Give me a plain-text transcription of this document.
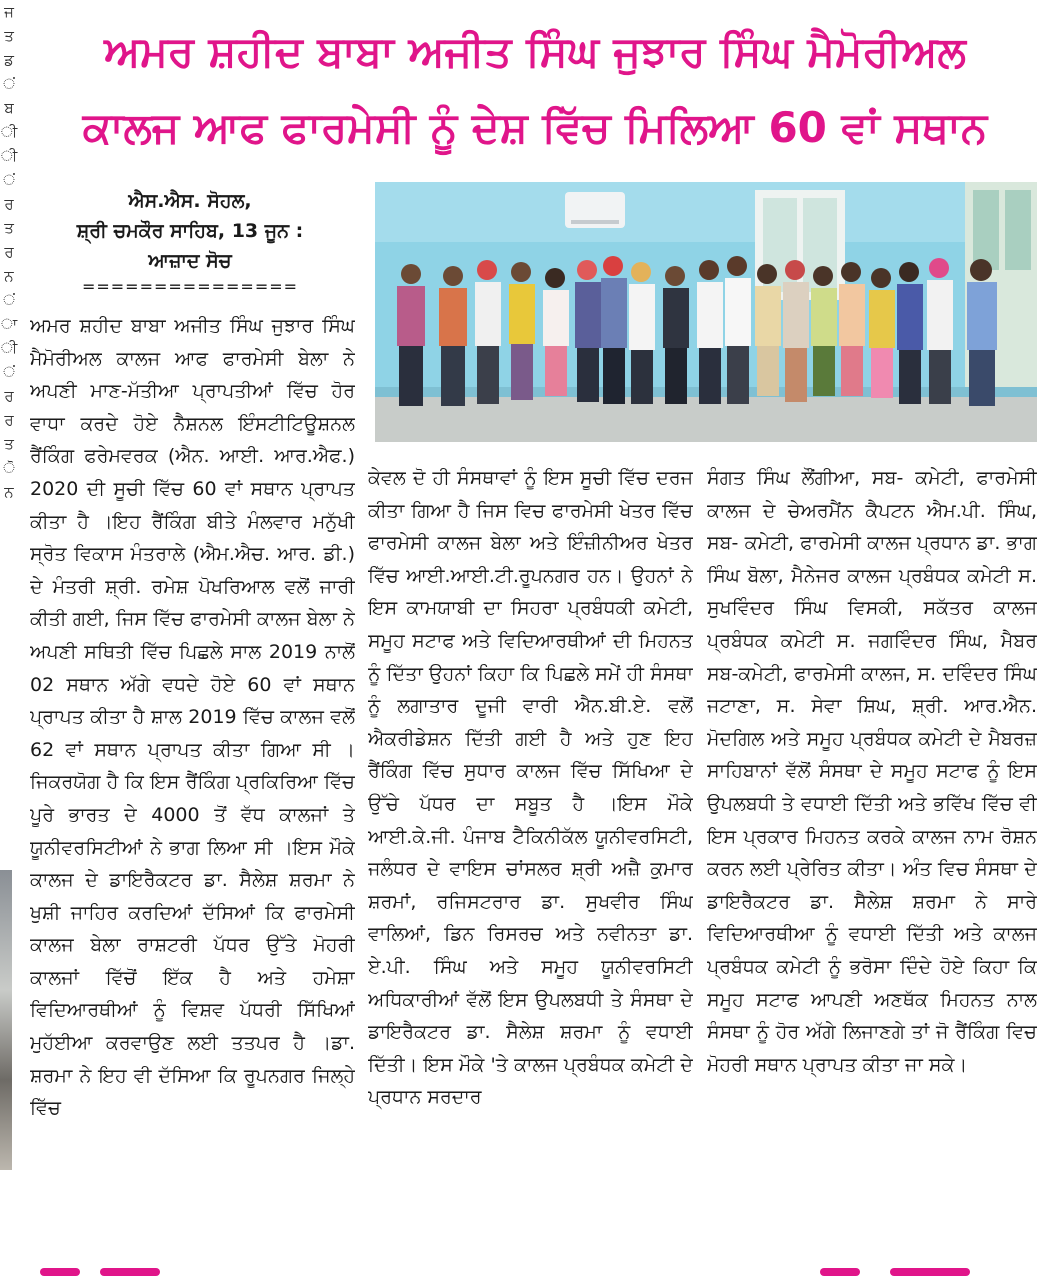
ਜ
ਤ
ਡ
ਂ
ਬ
ੀ
ੀ
ਂ
ਰ
ਤ
ਰ
ਨ
ਂ
ਾ
ੀ
ਂ
ਰ
ਰ
ਤ
ੋ
ਨ
ਅਮਰ ਸ਼ਹੀਦ ਬਾਬਾ ਅਜੀਤ ਸਿੰਘ ਜੁਝਾਰ ਸਿੰਘ ਮੈਮੋਰੀਅਲ
ਕਾਲਜ ਆਫ ਫਾਰਮੇਸੀ ਨੂੰ ਦੇਸ਼ ਵਿੱਚ ਮਿਲਿਆ 60 ਵਾਂ ਸਥਾਨ
ਐਸ.ਐਸ. ਸੋਹਲ,
ਸ਼੍ਰੀ ਚਮਕੌਰ ਸਾਹਿਬ, 13 ਜੂਨ :
ਆਜ਼ਾਦ ਸੋਚ
===============
ਅਮਰ ਸ਼ਹੀਦ ਬਾਬਾ ਅਜੀਤ ਸਿੰਘ ਜੁਝਾਰ ਸਿੰਘ ਮੈਮੋਰੀਅਲ ਕਾਲਜ ਆਫ ਫਾਰਮੇਸੀ ਬੇਲਾ ਨੇ ਅਪਣੀ ਮਾਣ-ਮੱਤੀਆ ਪ੍ਰਾਪਤੀਆਂ ਵਿੱਚ ਹੋਰ ਵਾਧਾ ਕਰਦੇ ਹੋਏ ਨੈਸ਼ਨਲ ਇੰਸਟੀਟਿਊਸ਼ਨਲ ਰੈਂਕਿੰਗ ਫਰੇਮਵਰਕ (ਐਨ. ਆਈ. ਆਰ.ਐਫ.) 2020 ਦੀ ਸੂਚੀ ਵਿੱਚ 60 ਵਾਂ ਸਥਾਨ ਪ੍ਰਾਪਤ ਕੀਤਾ ਹੈ ।ਇਹ ਰੈਂਕਿੰਗ ਬੀਤੇ ਮੰਲਵਾਰ ਮਨੁੱਖੀ ਸ੍ਰੋਤ ਵਿਕਾਸ ਮੰਤਰਾਲੇ (ਐਮ.ਐਚ. ਆਰ. ਡੀ.) ਦੇ ਮੰਤਰੀ ਸ਼੍ਰੀ. ਰਮੇਸ਼ ਪੋਖਰਿਆਲ ਵਲੋਂ ਜਾਰੀ ਕੀਤੀ ਗਈ, ਜਿਸ ਵਿੱਚ ਫਾਰਮੇਸੀ ਕਾਲਜ ਬੇਲਾ ਨੇ ਅਪਣੀ ਸਥਿਤੀ ਵਿੱਚ ਪਿਛਲੇ ਸਾਲ 2019 ਨਾਲੋਂ 02 ਸਥਾਨ ਅੱਗੇ ਵਧਦੇ ਹੋਏ 60 ਵਾਂ ਸਥਾਨ ਪ੍ਰਾਪਤ ਕੀਤਾ ਹੈ ਸ਼ਾਲ 2019 ਵਿੱਚ ਕਾਲਜ ਵਲੋਂ 62 ਵਾਂ ਸਥਾਨ ਪ੍ਰਾਪਤ ਕੀਤਾ ਗਿਆ ਸੀ ।ਜਿਕਰਯੋਗ ਹੈ ਕਿ ਇਸ ਰੈਂਕਿੰਗ ਪ੍ਰਕਿਰਿਆ ਵਿੱਚ ਪੂਰੇ ਭਾਰਤ ਦੇ 4000 ਤੋਂ ਵੱਧ ਕਾਲਜਾਂ ਤੇ ਯੂਨੀਵਰਸਿਟੀਆਂ ਨੇ ਭਾਗ ਲਿਆ ਸੀ ।ਇਸ ਮੌਕੇ ਕਾਲਜ ਦੇ ਡਾਇਰੈਕਟਰ ਡਾ. ਸੈਲੇਸ਼ ਸ਼ਰਮਾ ਨੇ ਖੁਸ਼ੀ ਜਾਹਿਰ ਕਰਦਿਆਂ ਦੱਸਿਆਂ ਕਿ ਫਾਰਮੇਸੀ ਕਾਲਜ ਬੇਲਾ ਰਾਸ਼ਟਰੀ ਪੱਧਰ ਉੱਤੇ ਮੋਹਰੀ ਕਾਲਜਾਂ ਵਿੱਚੋਂ ਇੱਕ ਹੈ ਅਤੇ ਹਮੇਸ਼ਾ ਵਿਦਿਆਰਥੀਆਂ ਨੂੰ ਵਿਸ਼ਵ ਪੱਧਰੀ ਸਿੱਖਿਆਂ ਮੁਹੱਈਆ ਕਰਵਾਉਣ ਲਈ ਤਤਪਰ ਹੈ ।ਡਾ. ਸ਼ਰਮਾ ਨੇ ਇਹ ਵੀ ਦੱਸਿਆ ਕਿ ਰੂਪਨਗਰ ਜਿਲ੍ਹੇ ਵਿੱਚ
ਕੇਵਲ ਦੋ ਹੀ ਸੰਸਥਾਵਾਂ ਨੂੰ ਇਸ ਸੂਚੀ ਵਿੱਚ ਦਰਜ ਕੀਤਾ ਗਿਆ ਹੈ ਜਿਸ ਵਿਚ ਫਾਰਮੇਸੀ ਖੇਤਰ ਵਿੱਚ ਫਾਰਮੇਸੀ ਕਾਲਜ ਬੇਲਾ ਅਤੇ ਇੰਜ਼ੀਨੀਅਰ ਖੇਤਰ ਵਿੱਚ ਆਈ.ਆਈ.ਟੀ.ਰੂਪਨਗਰ ਹਨ। ਉਹਨਾਂ ਨੇ ਇਸ ਕਾਮਯਾਬੀ ਦਾ ਸਿਹਰਾ ਪ੍ਰਬੰਧਕੀ ਕਮੇਟੀ, ਸਮੂਹ ਸਟਾਫ ਅਤੇ ਵਿਦਿਆਰਥੀਆਂ ਦੀ ਮਿਹਨਤ ਨੂੰ ਦਿੱਤਾ ਉਹਨਾਂ ਕਿਹਾ ਕਿ ਪਿਛਲੇ ਸਮੇਂ ਹੀ ਸੰਸਥਾ ਨੂੰ ਲਗਾਤਾਰ ਦੂਜੀ ਵਾਰੀ ਐਨ.ਬੀ.ਏ. ਵਲੋਂ ਐਕਰੀਡੇਸ਼ਨ ਦਿੱਤੀ ਗਈ ਹੈ ਅਤੇ ਹੁਣ ਇਹ ਰੈਂਕਿੰਗ ਵਿੱਚ ਸੁਧਾਰ ਕਾਲਜ ਵਿੱਚ ਸਿੱਖਿਆ ਦੇ ਉੱਚੇ ਪੱਧਰ ਦਾ ਸਬੂਤ ਹੈ ।ਇਸ ਮੌਕੇ ਆਈ.ਕੇ.ਜੀ. ਪੰਜਾਬ ਟੈਕਿਨੀਕੱਲ ਯੂਨੀਵਰਸਿਟੀ, ਜਲੰਧਰ ਦੇ ਵਾਇਸ ਚਾਂਸਲਰ ਸ਼੍ਰੀ ਅਜ਼ੈ ਕੁਮਾਰ ਸ਼ਰਮਾਂ, ਰਜਿਸਟਰਾਰ ਡਾ. ਸੁਖਵੀਰ ਸਿੰਘ ਵਾਲਿਆਂ, ਡਿਨ ਰਿਸਰਚ ਅਤੇ ਨਵੀਨਤਾ ਡਾ. ਏ.ਪੀ. ਸਿੰਘ ਅਤੇ ਸਮੂਹ ਯੂਨੀਵਰਸਿਟੀ ਅਧਿਕਾਰੀਆਂ ਵੱਲੋਂ ਇਸ ਉਪਲਬਧੀ ਤੇ ਸੰਸਥਾ ਦੇ ਡਾਇਰੈਕਟਰ ਡਾ. ਸੈਲੇਸ਼ ਸ਼ਰਮਾ ਨੂੰ ਵਧਾਈ ਦਿੱਤੀ। ਇਸ ਮੌਕੇ 'ਤੇ ਕਾਲਜ ਪ੍ਰਬੰਧਕ ਕਮੇਟੀ ਦੇ ਪ੍ਰਧਾਨ ਸਰਦਾਰ
ਸੰਗਤ ਸਿੰਘ ਲੌਂਗੀਆ, ਸਬ- ਕਮੇਟੀ, ਫਾਰਮੇਸੀ ਕਾਲਜ ਦੇ ਚੇਅਰਮੈਂਨ ਕੈਪਟਨ ਐਮ.ਪੀ. ਸਿੰਘ, ਸਬ- ਕਮੇਟੀ, ਫਾਰਮੇਸੀ ਕਾਲਜ ਪ੍ਰਧਾਨ ਡਾ. ਭਾਗ ਸਿੰਘ ਬੋਲਾ, ਮੈਨੇਜਰ ਕਾਲਜ ਪ੍ਰਬੰਧਕ ਕਮੇਟੀ ਸ. ਸੁਖਵਿੰਦਰ ਸਿੰਘ ਵਿਸਕੀ, ਸਕੱਤਰ ਕਾਲਜ ਪ੍ਰਬੰਧਕ ਕਮੇਟੀ ਸ. ਜਗਵਿੰਦਰ ਸਿੰਘ, ਮੈਬਰ ਸਬ-ਕਮੇਟੀ, ਫਾਰਮੇਸੀ ਕਾਲਜ, ਸ. ਦਵਿੰਦਰ ਸਿੰਘ ਜਟਾਣਾ, ਸ. ਸੇਵਾ ਸ਼ਿਘ, ਸ਼੍ਰੀ. ਆਰ.ਐਨ. ਮੋਦਗਿਲ ਅਤੇ ਸਮੂਹ ਪ੍ਰਬੰਧਕ ਕਮੇਟੀ ਦੇ ਮੈਬਰਜ਼ ਸਾਹਿਬਾਨਾਂ ਵੱਲੋਂ ਸੰਸਥਾ ਦੇ ਸਮੂਹ ਸਟਾਫ ਨੂੰ ਇਸ ਉਪਲਬਧੀ ਤੇ ਵਧਾਈ ਦਿੱਤੀ ਅਤੇ ਭਵਿੱਖ ਵਿੱਚ ਵੀ ਇਸ ਪ੍ਰਕਾਰ ਮਿਹਨਤ ਕਰਕੇ ਕਾਲਜ ਨਾਮ ਰੋਸ਼ਨ ਕਰਨ ਲਈ ਪ੍ਰੇਰਿਤ ਕੀਤਾ। ਅੰਤ ਵਿਚ ਸੰਸਥਾ ਦੇ ਡਾਇਰੈਕਟਰ ਡਾ. ਸੈਲੇਸ਼ ਸ਼ਰਮਾ ਨੇ ਸਾਰੇ ਵਿਦਿਆਰਥੀਆ ਨੂੰ ਵਧਾਈ ਦਿੱਤੀ ਅਤੇ ਕਾਲਜ ਪ੍ਰਬੰਧਕ ਕਮੇਟੀ ਨੂੰ ਭਰੋਸਾ ਦਿੰਦੇ ਹੋਏ ਕਿਹਾ ਕਿ ਸਮੂਹ ਸਟਾਫ ਆਪਣੀ ਅਣਥੱਕ ਮਿਹਨਤ ਨਾਲ ਸੰਸਥਾ ਨੂੰ ਹੋਰ ਅੱਗੇ ਲਿਜਾਣਗੇ ਤਾਂ ਜੋ ਰੈਂਕਿੰਗ ਵਿਚ ਮੋਹਰੀ ਸਥਾਨ ਪ੍ਰਾਪਤ ਕੀਤਾ ਜਾ ਸਕੇ।
